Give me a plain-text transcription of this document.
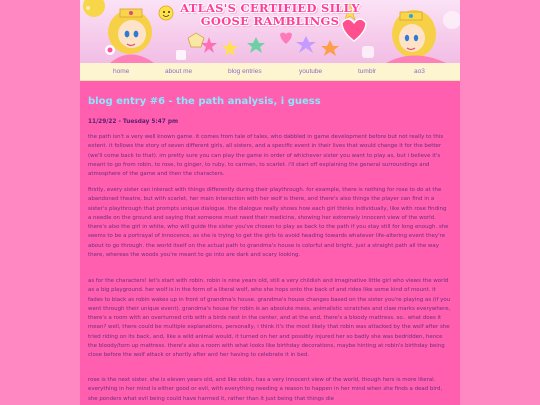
ATLAS'S CERTIFIED SILLY
GOOSE RAMBLINGS
home	about me	blog entries	youtube	tumblr	ao3
blog entry #6 - the path analysis, i guess

11/29/22 - Tuesday 5:47 pm

the path isn't a very well known game. it comes from tale of tales, who dabbled in game development before but not really to this extent. it follows the story of seven different girls, all sisters, and a specific event in their lives that would change it for the better (we'll come back to that). im pretty sure you can play the game in order of whichever sister you want to play as, but i believe it's meant to go from robin, to rose, to ginger, to ruby, to carmen, to scarlet. i'll start off explaining the general surroundings and atmosphere of the game and then the characters.

firstly, every sister can interact with things differently during their playthrough. for example, there is nothing for rose to do at the abandoned theatre, but with scarlet, her main interaction with her wolf is there, and there's also things the player can find in a sister's playthrough that prompts unique dialogue. the dialogue really shows how each girl thinks individually, like with rose finding a needle on the ground and saying that someone must need their medicine, showing her extremely innocent view of the world. there's also the girl in white, who will guide the sister you've chosen to play as back to the path if you stay still for long enough. she seems to be a portrayal of innocence, as she is trying to get the girls to avoid heading towards whatever life-altering event they're about to go through. the world itself on the actual path to grandma's house is colorful and bright, just a straight path all the way there, whereas the woods you're meant to go into are dark and scary looking.

as for the characters! let's start with robin. robin is nine years old, still a very childish and imaginative little girl who views the world as a big playground. her wolf is in the form of a literal wolf, who she hops onto the back of and rides like some kind of mount. it fades to black as robin wakes up in front of grandma's house. grandma's house changes based on the sister you're playing as (if you went through their unique event). grandma's house for robin is an absolute mess, animalistic scratches and claw marks everywhere, there's a room with an overturned crib with a birds nest in the center, and at the end, there's a bloody mattress. so.. what does it mean? well, there could be multiple explanations, personally, i think it's the most likely that robin was attacked by the wolf after she tried riding on its back, and, like a wild animal would, it turned on her and possibly injured her so badly she was bedridden, hence the bloody/torn up mattress. there's also a room with what looks like birthday decorations, maybe hinting at robin's birthday being close before the wolf attack or shortly after and her having to celebrate it in bed.

rose is the next sister. she is eleven years old, and like robin, has a very innocent view of the world, though hers is more literal. everything in her mind is either good or evil, with everything needing a reason to happen in her mind when she finds a dead bird, she ponders what evil being could have harmed it, rather than it just being that things die
